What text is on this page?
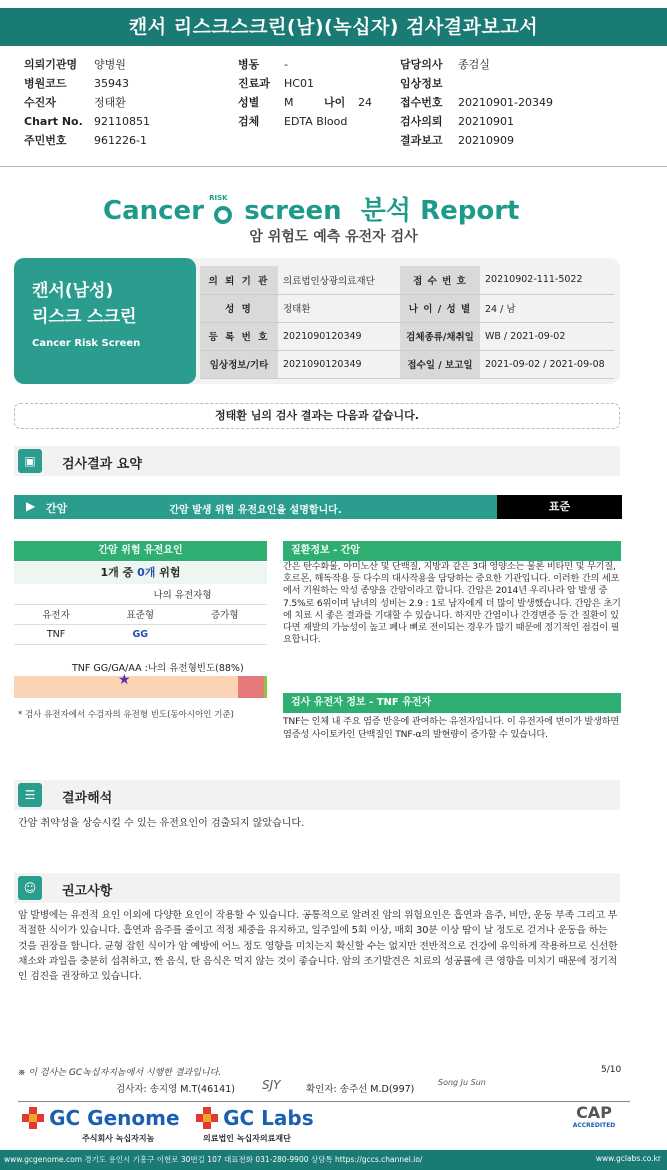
캔서 리스크스크린(남)(녹십자) 검사결과보고서
의뢰기관명 양병원
병원코드 35943
수진자	정태환
Chart No. 92110851
주민번호 961226-1
병동 -
진료과 HC01
성별 M	나이 24
검체 EDTA Blood
담당의사 종검실
임상정보
접수번호 20210901-20349
검사의뢰 20210901
결과보고 20210909
Cancer RISK screen 분석 Report
암 위험도 예측 유전자 검사
캔서(남성)
리스크 스크린
Cancer Risk Screen
의 뢰 기 관	의료법인상광의료재단	접 수 번 호	20210902-111-5022
성 명	정태환	나 이 / 성 별	24 / 남
등 록 번 호	2021090120349	검체종류/채취일	WB / 2021-09-02
임상정보/기타	2021090120349	접수일 / 보고일	2021-09-02 / 2021-09-08
정태환 님의 검사 결과는 다음과 같습니다.
▣	검사결과 요약
▶ 간암	간암 발생 위험 유전요인을 설명합니다.	표준
간암 위험 유전요인
1개 중 0개 위험
	나의 유전자형	
유전자	표준형	증가형
TNF	GG	
TNF GG/GA/AA :나의 유전형빈도(88%)
★
* 검사 유전자에서 수검자의 유전형 빈도(동아시아인 기준)
질환정보 - 간암
간은 탄수화물, 아미노산 및 단백질, 지방과 같은 3대 영양소는 물론 비타민 및 무기질, 호르몬, 해독작용 등 다수의 대사작용을 담당하는 중요한 기관입니다. 이러한 간의 세포에서 기원하는 악성 종양을 간암이라고 합니다. 간암은 2014년 우리나라 암 발생 중 7.5%로 6위이며 남녀의 성비는 2.9 : 1로 남자에게 더 많이 발생했습니다. 간암은 초기에 치료 시 좋은 결과를 기대할 수 있습니다. 하지만 간염이나 간경변증 등 간 질환이 있다면 재발의 가능성이 높고 폐나 뼈로 전이되는 경우가 많기 때문에 정기적인 점검이 필요합니다.
검사 유전자 정보 - TNF 유전자
TNF는 인체 내 주요 염증 반응에 관여하는 유전자입니다. 이 유전자에 변이가 발생하면 염증성 사이토카인 단백질인 TNF-α의 발현량이 증가할 수 있습니다.
☰	결과해석
간암 취약성을 상승시킬 수 있는 유전요인이 검출되지 않았습니다.
☺	권고사항
암 발병에는 유전적 요인 이외에 다양한 요인이 작용할 수 있습니다. 공통적으로 알려진 암의 위험요인은 흡연과 음주, 비만, 운동 부족 그리고 부적절한 식이가 있습니다. 흡연과 음주를 줄이고 적정 체중을 유지하고, 일주일에 5회 이상, 매회 30분 이상 땀이 날 정도로 걷거나 운동을 하는 것을 권장을 합니다. 균형 잡힌 식이가 암 예방에 어느 정도 영향을 미치는지 확신할 수는 없지만 전반적으로 건강에 유익하게 작용하므로 신선한 채소와 과일을 충분히 섭취하고, 짠 음식, 탄 음식은 먹지 않는 것이 좋습니다. 암의 조기발견은 치료의 성공률에 큰 영향을 미치기 때문에 정기적인 검진을 권장하고 있습니다.
※ 이 검사는 GC녹십자지놈에서 시행한 결과입니다.	5/10
검사자: 송지영 M.T(46141) SJY	확인자: 송주선 M.D(997)
Song Ju Sun
GC Genome
주식회사 녹십자지놈
GC Labs
의료법인 녹십자의료재단
CAP
ACCREDITED
www.gcgenome.com 경기도 용인시 기흥구 이현로 30번길 107 대표전화 031-280-9900 상담톡 https://gccs.channel.io/	www.gclabs.co.kr
